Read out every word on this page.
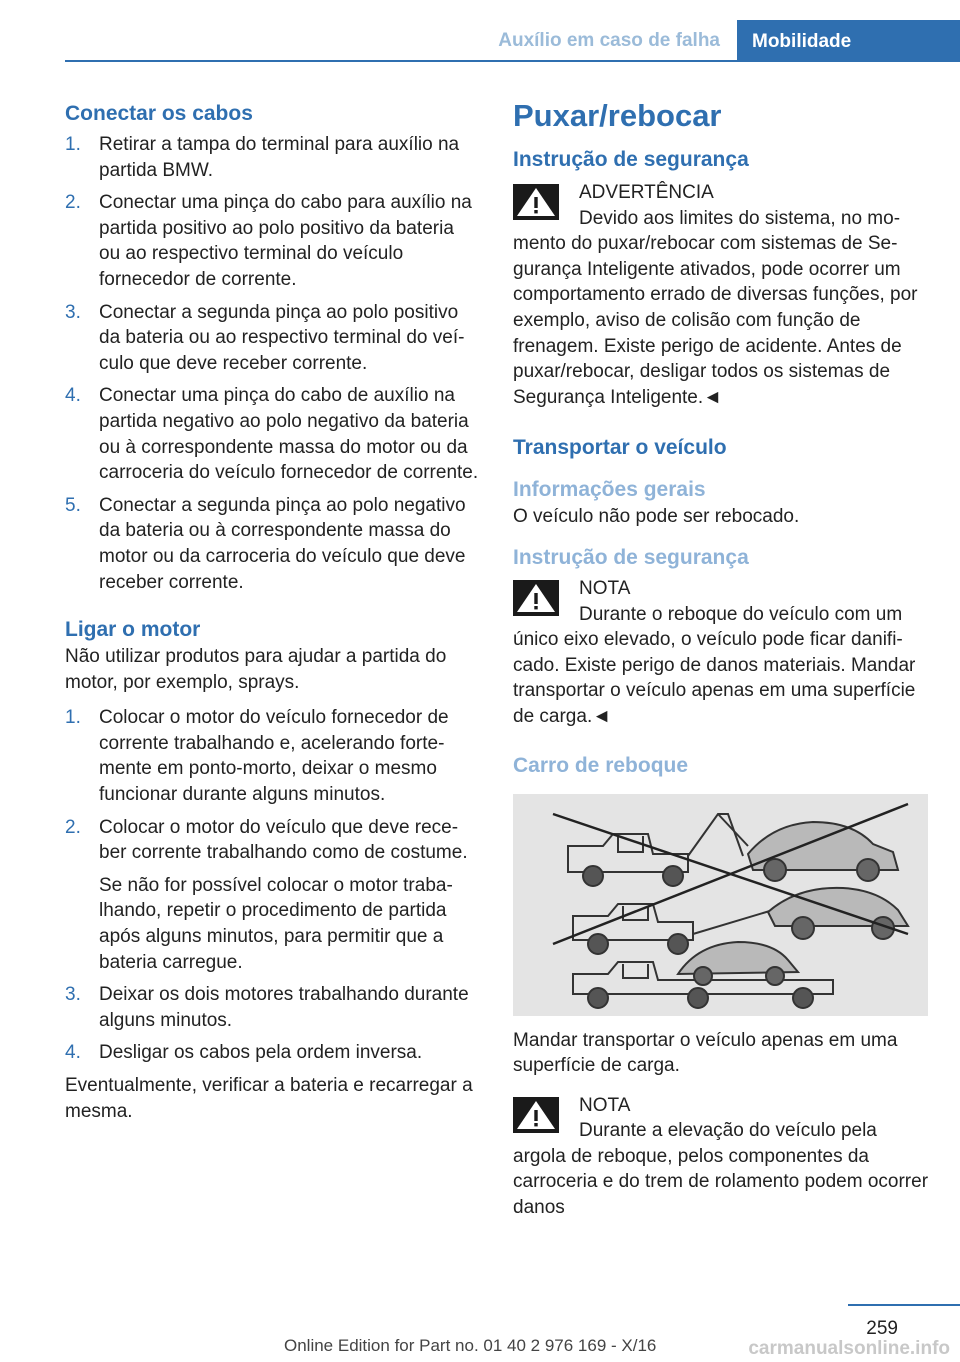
Auxílio em caso de falha	Mobilidade
Conectar os cabos
1. Retirar a tampa do terminal para auxílio na partida BMW.
2. Conectar uma pinça do cabo para auxílio na partida positivo ao polo positivo da bateria ou ao respectivo terminal do veículo fornecedor de corrente.
3. Conectar a segunda pinça ao polo positivo da bateria ou ao respectivo terminal do veículo que deve receber corrente.
4. Conectar uma pinça do cabo de auxílio na partida negativo ao polo negativo da bateria ou à correspondente massa do motor ou da carroceria do veículo fornecedor de corrente.
5. Conectar a segunda pinça ao polo negativo da bateria ou à correspondente massa do motor ou da carroceria do veículo que deve receber corrente.
Ligar o motor

Não utilizar produtos para ajudar a partida do motor, por exemplo, sprays.

1. Colocar o motor do veículo fornecedor de corrente trabalhando e, acelerando fortemente em ponto-morto, deixar o mesmo funcionar durante alguns minutos.
2. Colocar o motor do veículo que deve receber corrente trabalhando como de costume.

Se não for possível colocar o motor trabalhando, repetir o procedimento de partida após alguns minutos, para permitir que a bateria carregue.

3. Deixar os dois motores trabalhando durante alguns minutos.
4. Desligar os cabos pela ordem inversa.

Eventualmente, verificar a bateria e recarregar a mesma.

Puxar/rebocar
Instrução de segurança
ADVERTÊNCIA
Devido aos limites do sistema, no momento do puxar/rebocar com sistemas de Segurança Inteligente ativados, pode ocorrer um comportamento errado de diversas funções, por exemplo, aviso de colisão com função de frenagem. Existe perigo de acidente. Antes de puxar/rebocar, desligar todos os sistemas de Segurança Inteligente.◄
Transportar o veículo
Informações gerais

O veículo não pode ser rebocado.

Instrução de segurança
NOTA
Durante o reboque do veículo com um único eixo elevado, o veículo pode ficar danificado. Existe perigo de danos materiais. Mandar transportar o veículo apenas em uma superfície de carga.◄
Carro de reboque

Mandar transportar o veículo apenas em uma superfície de carga.

NOTA
Durante a elevação do veículo pela argola de reboque, pelos componentes da carroceria e do trem de rolamento podem ocorrer danos
259
Online Edition for Part no. 01 40 2 976 169 - X/16	carmanualsonline.info
